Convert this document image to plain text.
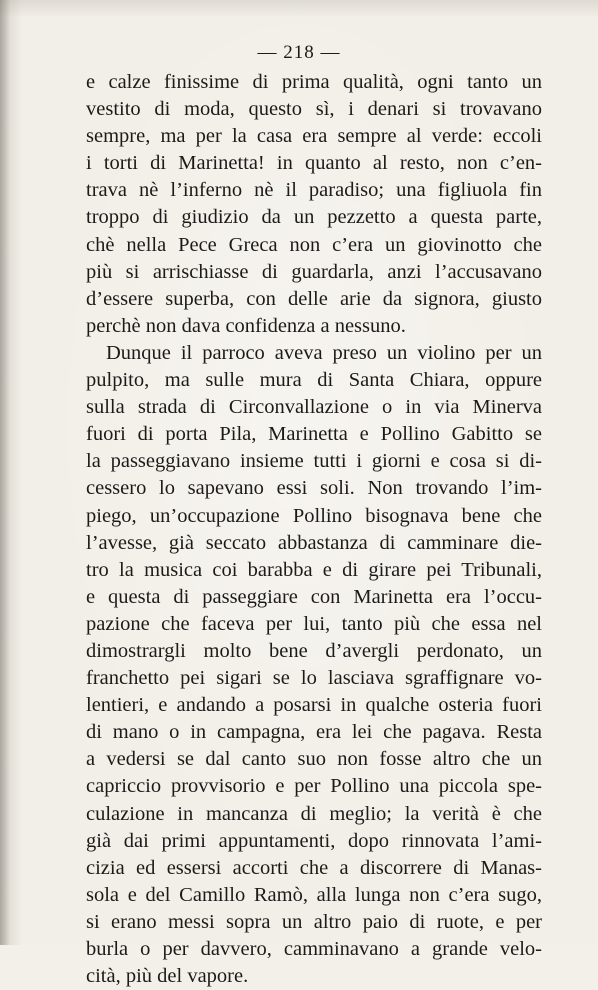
— 218 —
e calze finissime di prima qualità, ogni tanto un
vestito di moda, questo sì, i denari si trovavano
sempre, ma per la casa era sempre al verde: eccoli
i torti di Marinetta! in quanto al resto, non c’en-
trava nè l’inferno nè il paradiso; una figliuola fin
troppo di giudizio da un pezzetto a questa parte,
chè nella Pece Greca non c’era un giovinotto che
più si arrischiasse di guardarla, anzi l’accusavano
d’essere superba, con delle arie da signora, giusto
perchè non dava confidenza a nessuno.
Dunque il parroco aveva preso un violino per un
pulpito, ma sulle mura di Santa Chiara, oppure
sulla strada di Circonvallazione o in via Minerva
fuori di porta Pila, Marinetta e Pollino Gabitto se
la passeggiavano insieme tutti i giorni e cosa si di-
cessero lo sapevano essi soli. Non trovando l’im-
piego, un’occupazione Pollino bisognava bene che
l’avesse, già seccato abbastanza di camminare die-
tro la musica coi barabba e di girare pei Tribunali,
e questa di passeggiare con Marinetta era l’occu-
pazione che faceva per lui, tanto più che essa nel
dimostrargli molto bene d’avergli perdonato, un
franchetto pei sigari se lo lasciava sgraffignare vo-
lentieri, e andando a posarsi in qualche osteria fuori
di mano o in campagna, era lei che pagava. Resta
a vedersi se dal canto suo non fosse altro che un
capriccio provvisorio e per Pollino una piccola spe-
culazione in mancanza di meglio; la verità è che
già dai primi appuntamenti, dopo rinnovata l’ami-
cizia ed essersi accorti che a discorrere di Manas-
sola e del Camillo Ramò, alla lunga non c’era sugo,
si erano messi sopra un altro paio di ruote, e per
burla o per davvero, camminavano a grande velo-
cità, più del vapore.
